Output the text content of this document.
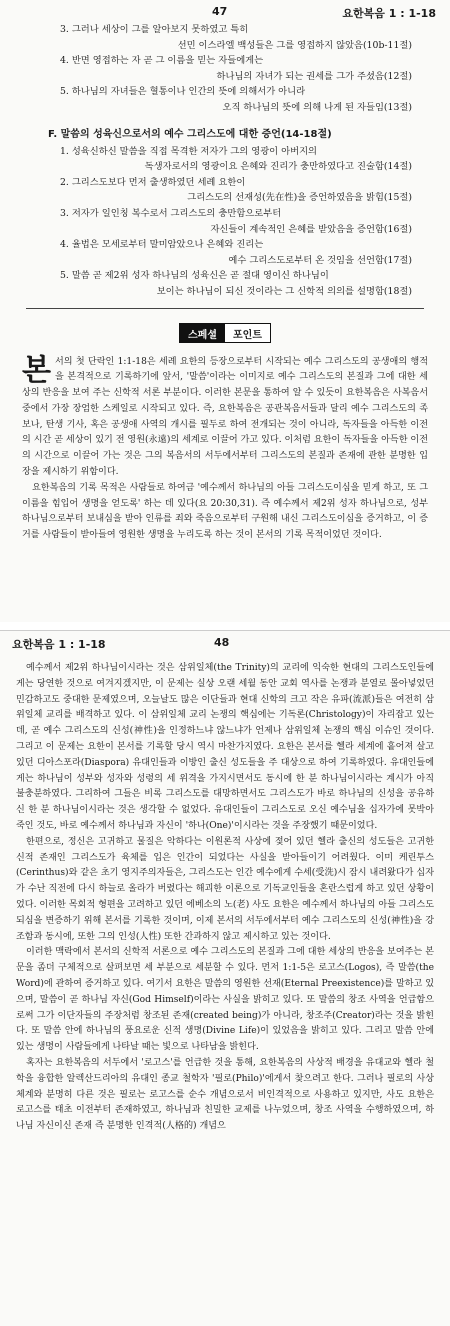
47	요한복음 1 : 1-18
3. 그러나 세상이 그를 알아보지 못하였고 특히
선민 이스라엘 백성들은 그를 영접하지 않았음(10b-11절)
4. 반면 영접하는 자 곧 그 이름을 믿는 자들에게는
하나님의 자녀가 되는 권세를 그가 주셨음(12절)
5. 하나님의 자녀들은 혈통이나 인간의 뜻에 의해서가 아니라
오직 하나님의 뜻에 의해 나게 된 자들임(13절)
F. 말씀의 성육신으로서의 예수 그리스도에 대한 증언(14-18절)
1. 성육신하신 말씀을 직접 목격한 저자가 그의 영광이 아버지의
독생자로서의 영광이요 은혜와 진리가 충만하였다고 진술함(14절)
2. 그리스도보다 먼저 출생하였던 세례 요한이
그리스도의 선재성(先在性)을 증언하였음을 밝힘(15절)
3. 저자가 일인칭 복수로서 그리스도의 충만함으로부터
자신들이 계속적인 은혜를 받았음을 증언함(16절)
4. 율법은 모세로부터 말미암았으나 은혜와 진리는
예수 그리스도로부터 온 것임을 선언함(17절)
5. 말씀 곧 제2위 성자 하나님의 성육신은 곧 절대 영이신 하나님이
보이는 하나님이 되신 것이라는 그 신학적 의의를 설명함(18절)
스페셜	포인트

본서의 첫 단락인 1:1-18은 세례 요한의 등장으로부터 시작되는 예수 그리스도의 공생애의 행적을 본격적으로 기록하기에 앞서, '말씀'이라는 이미지로 예수 그리스도의 본질과 그에 대한 세상의 반응을 보여 주는 신학적 서론 부분이다. 이러한 본문을 통하여 알 수 있듯이 요한복음은 사복음서 중에서 가장 장엄한 스케일로 시작되고 있다. 즉, 요한복음은 공관복음서들과 달리 예수 그리스도의 족보나, 탄생 기사, 혹은 공생애 사역의 개시를 필두로 하여 전개되는 것이 아니라, 독자들을 아득한 이전의 시간 곧 세상이 있기 전 영원(永遠)의 세계로 이끌어 가고 있다. 이처럼 요한이 독자들을 아득한 이전의 시간으로 이끌어 가는 것은 그의 복음서의 서두에서부터 그리스도의 본질과 존재에 관한 분명한 입장을 제시하기 위함이다.

요한복음의 기록 목적은 사람들로 하여금 '예수께서 하나님의 아들 그리스도이심을 믿게 하고, 또 그 이름을 힘입어 생명을 얻도록' 하는 데 있다(요 20:30,31). 즉 예수께서 제2위 성자 하나님으로, 성부 하나님으로부터 보내심을 받아 인류를 죄와 죽음으로부터 구원해 내신 그리스도이심을 증거하고, 이 증거를 사람들이 받아들여 영원한 생명을 누리도록 하는 것이 본서의 기록 목적이었던 것이다.

요한복음 1 : 1-18	48

예수께서 제2위 하나님이시라는 것은 삼위일체(the Trinity)의 교리에 익숙한 현대의 그리스도인들에게는 당연한 것으로 여겨지겠지만, 이 문제는 실상 오랜 세월 동안 교회 역사를 논쟁과 분열로 몰아넣었던 민감하고도 중대한 문제였으며, 오늘날도 많은 이단들과 현대 신학의 크고 작은 유파(流派)들은 여전히 삼위일체 교리를 배격하고 있다. 이 삼위일체 교리 논쟁의 핵심에는 기독론(Christology)이 자리잡고 있는데, 곧 예수 그리스도의 신성(神性)을 인정하느냐 않느냐가 언제나 삼위일체 논쟁의 핵심 이슈인 것이다. 그리고 이 문제는 요한이 본서를 기록할 당시 역시 마찬가지였다. 요한은 본서를 헬라 세계에 흩어져 살고 있던 디아스포라(Diaspora) 유대인들과 이방인 출신 성도들을 주 대상으로 하여 기록하였다. 유대인들에게는 하나님이 성부와 성자와 성령의 세 위격을 가지시면서도 동시에 한 분 하나님이시라는 계시가 아직 불충분하였다. 그리하여 그들은 비록 그리스도를 대망하면서도 그리스도가 바로 하나님의 신성을 공유하신 한 분 하나님이시라는 것은 생각할 수 없었다. 유대인들이 그리스도로 오신 예수님을 십자가에 못박아 죽인 것도, 바로 예수께서 하나님과 자신이 '하나(One)'이시라는 것을 주장했기 때문이었다.

한편으로, 정신은 고귀하고 물질은 악하다는 이원론적 사상에 젖어 있던 헬라 출신의 성도들은 고귀한 신적 존재인 그리스도가 육체를 입은 인간이 되었다는 사실을 받아들이기 어려웠다. 이미 케린투스(Cerinthus)와 같은 초기 영지주의자들은, 그리스도는 인간 예수에게 수세(受洗)시 잠시 내려왔다가 십자가 수난 직전에 다시 하늘로 올라가 버렸다는 해괴한 이론으로 기독교인들을 혼란스럽게 하고 있던 상황이었다. 이러한 목회적 형편을 고려하고 있던 에베소의 노(老) 사도 요한은 예수께서 하나님의 아들 그리스도되심을 변증하기 위해 본서를 기록한 것이며, 이제 본서의 서두에서부터 예수 그리스도의 신성(神性)을 강조함과 동시에, 또한 그의 인성(人性) 또한 간과하지 않고 제시하고 있는 것이다.

이러한 맥락에서 본서의 신학적 서론으로 예수 그리스도의 본질과 그에 대한 세상의 반응을 보여주는 본문을 좀더 구체적으로 살펴보면 세 부분으로 세분할 수 있다. 먼저 1:1-5은 로고스(Logos), 즉 말씀(the Word)에 관하여 증거하고 있다. 여기서 요한은 말씀의 영원한 선재(Eternal Preexistence)를 말하고 있으며, 말씀이 곧 하나님 자신(God Himself)이라는 사실을 밝히고 있다. 또 말씀의 창조 사역을 언급함으로써 그가 이단자들의 주장처럼 창조된 존재(created being)가 아니라, 창조주(Creator)라는 것을 밝힌다. 또 말씀 안에 하나님의 풍요로운 신적 생명(Divine Life)이 있었음을 밝히고 있다. 그리고 말씀 안에 있는 생명이 사람들에게 나타날 때는 빛으로 나타남을 밝힌다.

혹자는 요한복음의 서두에서 '로고스'를 언급한 것을 통해, 요한복음의 사상적 배경을 유대교와 헬라 철학을 융합한 알렉산드리아의 유대인 종교 철학자 '필로(Philo)'에게서 찾으려고 한다. 그러나 필로의 사상 체계와 분명히 다른 것은 필로는 로고스를 순수 개념으로서 비인격적으로 사용하고 있지만, 사도 요한은 로고스를 태초 이전부터 존재하였고, 하나님과 친밀한 교제를 나누었으며, 창조 사역을 수행하였으며, 하나님 자신이신 존재 즉 분명한 인격적(人格的) 개념으
